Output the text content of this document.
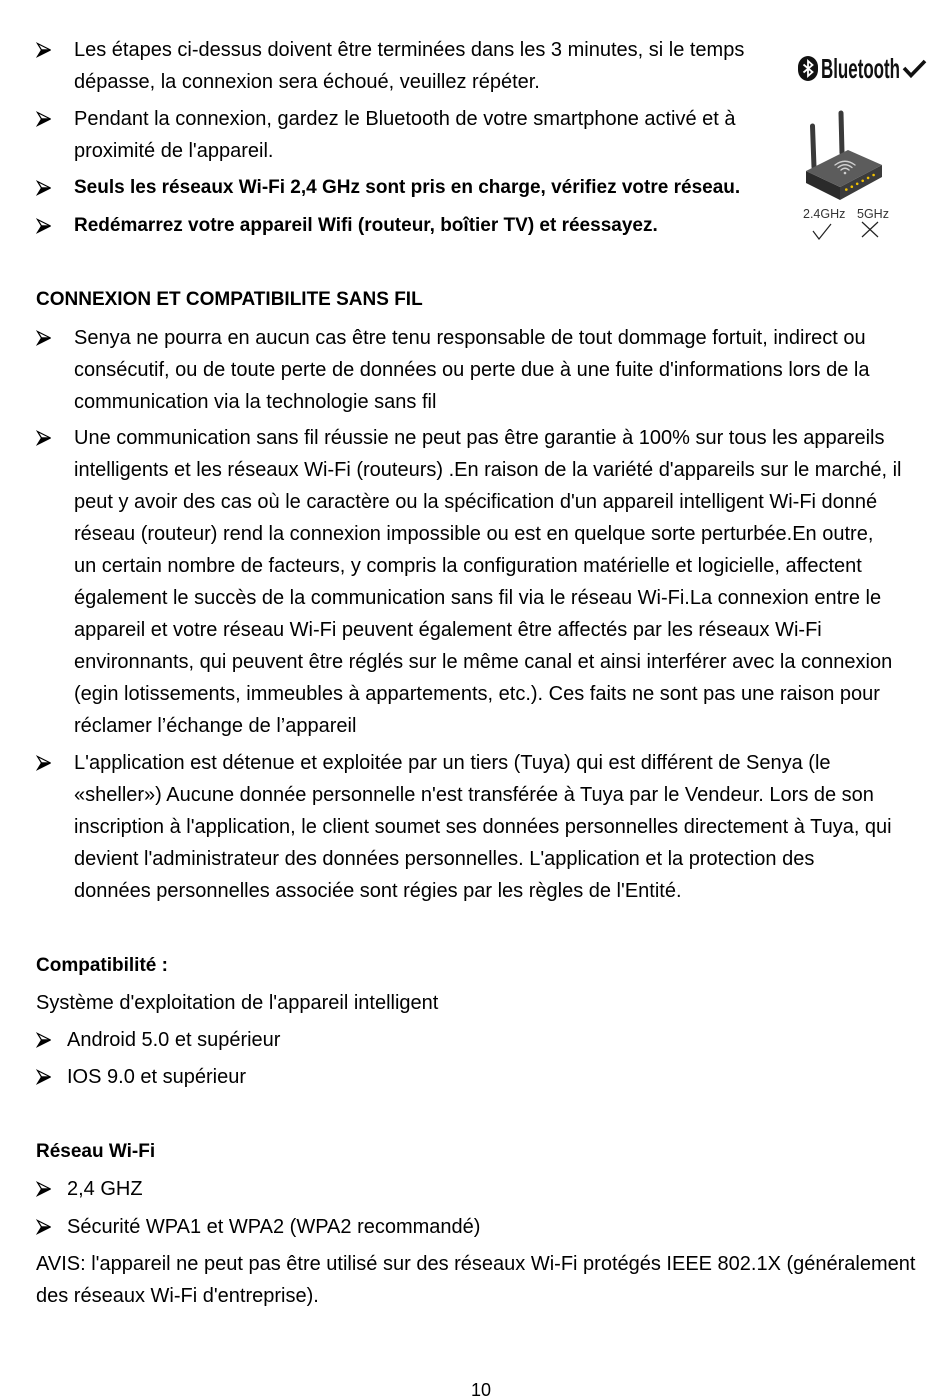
Les étapes ci-dessus doivent être terminées dans les 3 minutes, si le temps
dépasse, la connexion sera échoué, veuillez répéter.
Pendant la connexion, gardez le Bluetooth de votre smartphone activé et à
proximité de l'appareil.
Seuls les réseaux Wi-Fi 2,4 GHz sont pris en charge, vérifiez votre réseau.
Redémarrez votre appareil Wifi (routeur, boîtier TV) et réessayez.
Bluetooth
2.4GHz 5GHz
CONNEXION ET COMPATIBILITE SANS FIL
Senya ne pourra en aucun cas être tenu responsable de tout dommage fortuit, indirect ou
consécutif, ou de toute perte de données ou perte due à une fuite d'informations lors de la
communication via la technologie sans fil
Une communication sans fil réussie ne peut pas être garantie à 100% sur tous les appareils
intelligents et les réseaux Wi-Fi (routeurs) .En raison de la variété d'appareils sur le marché, il
peut y avoir des cas où le caractère ou la spécification d'un appareil intelligent Wi-Fi donné
réseau (routeur) rend la connexion impossible ou est en quelque sorte perturbée.En outre,
un certain nombre de facteurs, y compris la configuration matérielle et logicielle, affectent
également le succès de la communication sans fil via le réseau Wi-Fi.La connexion entre le
appareil et votre réseau Wi-Fi peuvent également être affectés par les réseaux Wi-Fi
environnants, qui peuvent être réglés sur le même canal et ainsi interférer avec la connexion
(egin lotissements, immeubles à appartements, etc.). Ces faits ne sont pas une raison pour
réclamer l’échange de l’appareil
L'application est détenue et exploitée par un tiers (Tuya) qui est différent de Senya (le
«sheller») Aucune donnée personnelle n'est transférée à Tuya par le Vendeur. Lors de son
inscription à l'application, le client soumet ses données personnelles directement à Tuya, qui
devient l'administrateur des données personnelles. L'application et la protection des
données personnelles associée sont régies par les règles de l'Entité.
Compatibilité :
Système d'exploitation de l'appareil intelligent
Android 5.0 et supérieur
IOS 9.0 et supérieur
Réseau Wi-Fi
2,4 GHZ
Sécurité WPA1 et WPA2 (WPA2 recommandé)
AVIS: l'appareil ne peut pas être utilisé sur des réseaux Wi-Fi protégés IEEE 802.1X (généralement
des réseaux Wi-Fi d'entreprise).
10
